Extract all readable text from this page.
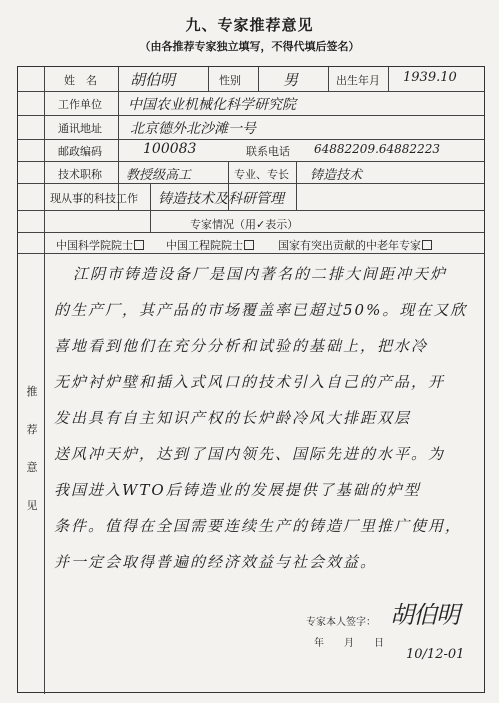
九、专家推荐意见
（由各推荐专家独立填写，不得代填后签名）
姓　名 胡伯明	性别	男	出生年月 1939.10
工作单位 中国农业机械化科学研究院
通讯地址 北京德外北沙滩一号
邮政编码	100083	联系电话 64882209.64882223
技术职称 教授级高工	专业、专长 铸造技术
现从事的科技工作 铸造技术及科研管理
专家情况（用✓表示）
中国科学院院士	中国工程院院士	国家有突出贡献的中老年专家
推
荐
意
见
江阴市铸造设备厂是国内著名的二排大间距冲天炉
的生产厂，其产品的市场覆盖率已超过50%。现在又欣
喜地看到他们在充分分析和试验的基础上，把水冷
无炉衬炉壁和插入式风口的技术引入自己的产品，开
发出具有自主知识产权的长炉龄冷风大排距双层
送风冲天炉，达到了国内领先、国际先进的水平。为
我国进入WTO后铸造业的发展提供了基础的炉型
条件。值得在全国需要连续生产的铸造厂里推广使用，
并一定会取得普遍的经济效益与社会效益。
专家本人签字： 胡伯明
年　　月　　日
10/12-01
